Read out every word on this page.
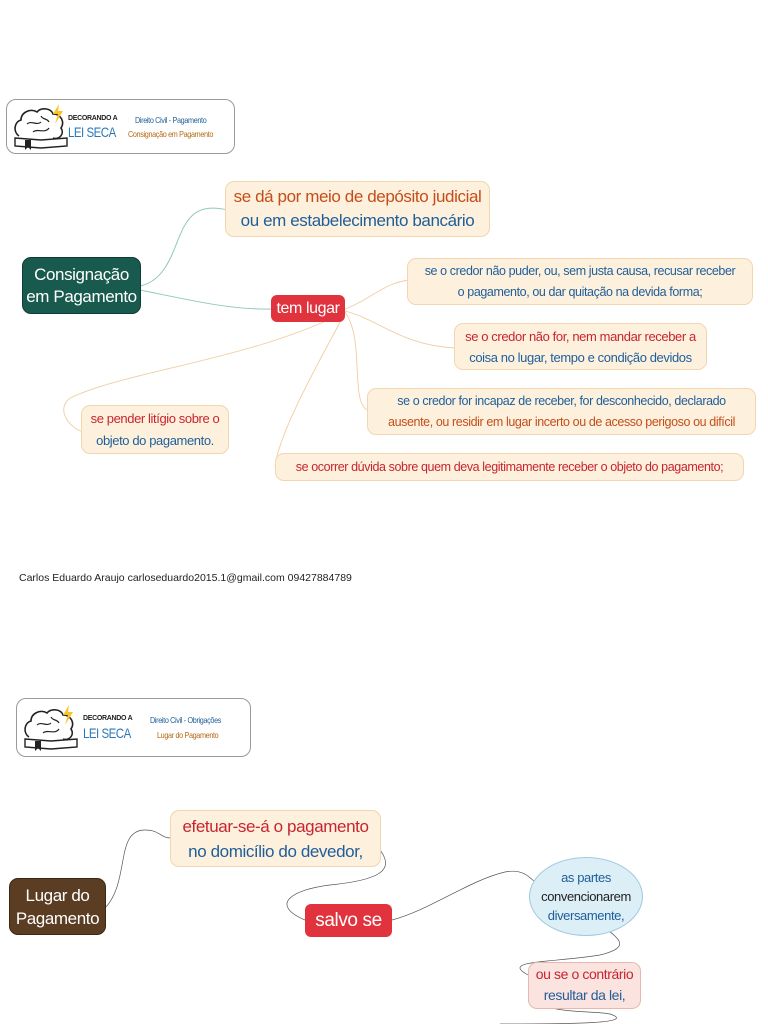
DECORANDO A
LEI SECA
Direito Civil - Pagamento
Consignação em Pagamento
Consignação
em Pagamento
se dá por meio de depósito judicial
ou em estabelecimento bancário
tem lugar
se o credor não puder, ou, sem justa causa, recusar receber
o pagamento, ou dar quitação na devida forma;
se o credor não for, nem mandar receber a
coisa no lugar, tempo e condição devidos
se o credor for incapaz de receber, for desconhecido, declarado
ausente, ou residir em lugar incerto ou de acesso perigoso ou difícil
se ocorrer dúvida sobre quem deva legitimamente receber o objeto do pagamento;
se pender litígio sobre o
objeto do pagamento.
Carlos Eduardo Araujo carloseduardo2015.1@gmail.com 09427884789
DECORANDO A
LEI SECA
Direito Civil - Obrigações
Lugar do Pagamento
Lugar do
Pagamento
efetuar-se-á o pagamento
no domicílio do devedor,
salvo se
as partes
convencionarem
diversamente,
ou se o contrário
resultar da lei,
